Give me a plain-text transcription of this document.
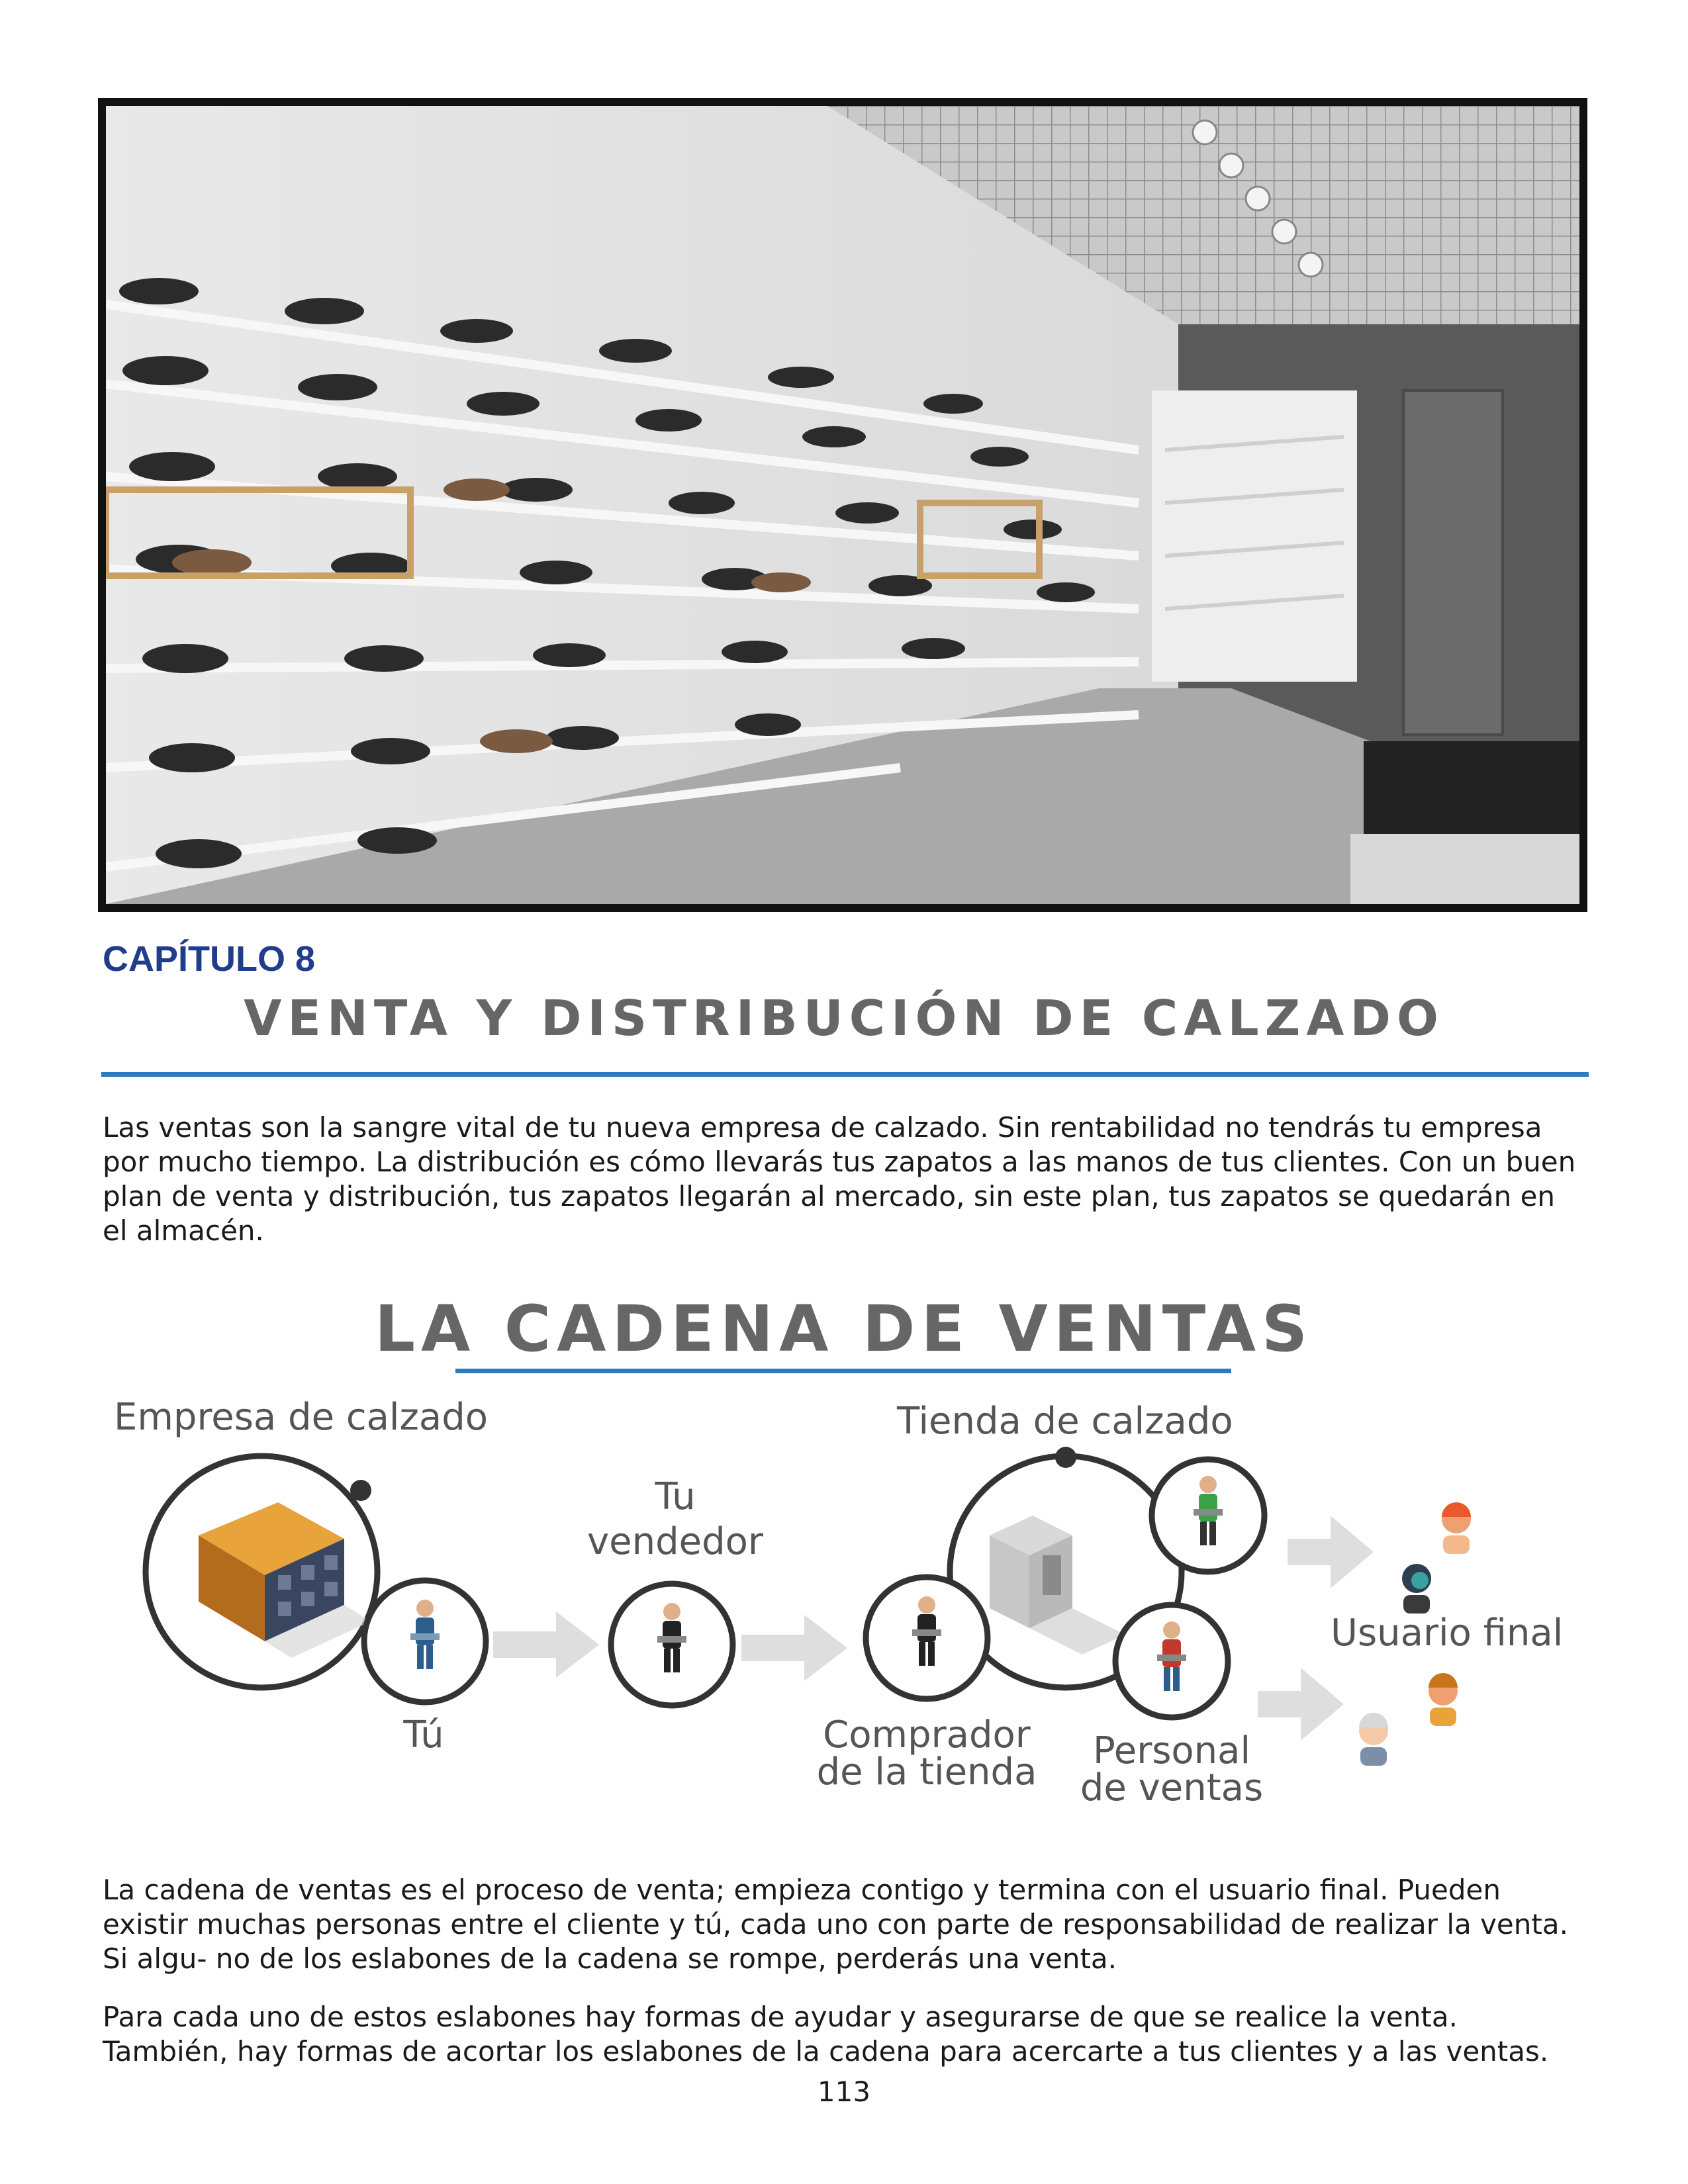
CAPÍTULO 8
VENTA Y DISTRIBUCIÓN DE CALZADO
Las ventas son la sangre vital de tu nueva empresa de calzado. Sin rentabilidad no tendrás tu empresa por mucho tiempo. La distribución es cómo llevarás tus zapatos a las manos de tus clientes. Con un buen plan de venta y distribución, tus zapatos llegarán al mercado, sin este plan, tus zapatos se quedarán en el almacén.
LA CADENA DE VENTAS
Empresa de calzado
Tú
Tu
vendedor
Tienda de calzado
Comprador
de la tienda	Personal
de ventas
Usuario final
La cadena de ventas es el proceso de venta; empieza contigo y termina con el usuario final. Pueden existir muchas personas entre el cliente y tú, cada uno con parte de responsabilidad de realizar la venta. Si algu- no de los eslabones de la cadena se rompe, perderás una venta.
Para cada uno de estos eslabones hay formas de ayudar y asegurarse de que se realice la venta. También, hay formas de acortar los eslabones de la cadena para acercarte a tus clientes y a las ventas.
113
